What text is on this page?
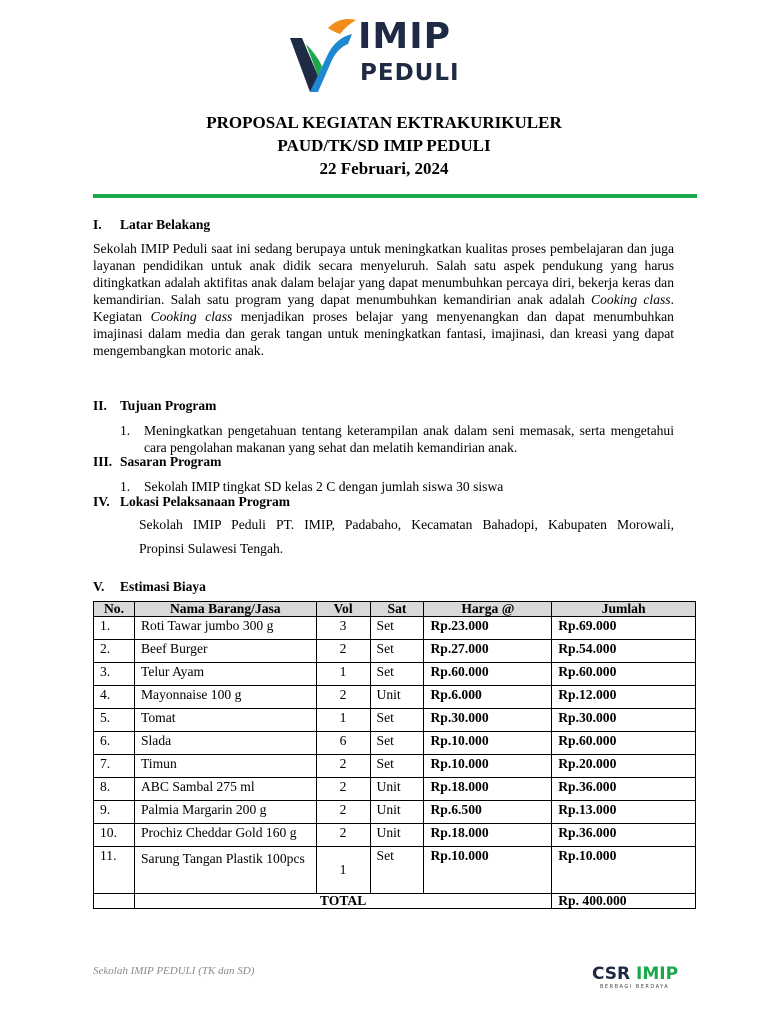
IMIP
PEDULI
PROPOSAL KEGIATAN EKTRAKURIKULER
PAUD/TK/SD IMIP PEDULI
22 Februari, 2024
I. Latar Belakang
Sekolah IMIP Peduli saat ini sedang berupaya untuk meningkatkan kualitas proses pembelajaran dan juga layanan pendidikan untuk anak didik secara menyeluruh. Salah satu aspek pendukung yang harus ditingkatkan adalah aktifitas anak dalam belajar yang dapat menumbuhkan percaya diri, bekerja keras dan kemandirian. Salah satu program yang dapat menumbuhkan kemandirian anak adalah Cooking class. Kegiatan Cooking class menjadikan proses belajar yang menyenangkan dan dapat menumbuhkan imajinasi dalam media dan gerak tangan untuk meningkatkan fantasi, imajinasi, dan kreasi yang dapat mengembangkan motoric anak.
II. Tujuan Program
1. Meningkatkan pengetahuan tentang keterampilan anak dalam seni memasak, serta mengetahui cara pengolahan makanan yang sehat dan melatih kemandirian anak.
III. Sasaran Program
1. Sekolah IMIP tingkat SD kelas 2 C dengan jumlah siswa 30 siswa
IV. Lokasi Pelaksanaan Program
Sekolah IMIP Peduli PT. IMIP, Padabaho, Kecamatan Bahadopi, Kabupaten Morowali,
Propinsi Sulawesi Tengah.
V. Estimasi Biaya
No.	Nama Barang/Jasa	Vol	Sat	Harga @	Jumlah
1.	Roti Tawar jumbo 300 g	3	Set	Rp.23.000	Rp.69.000
2.	Beef Burger	2	Set	Rp.27.000	Rp.54.000
3.	Telur Ayam	1	Set	Rp.60.000	Rp.60.000
4.	Mayonnaise 100 g	2	Unit	Rp.6.000	Rp.12.000
5.	Tomat	1	Set	Rp.30.000	Rp.30.000
6.	Slada	6	Set	Rp.10.000	Rp.60.000
7.	Timun	2	Set	Rp.10.000	Rp.20.000
8.	ABC Sambal 275 ml	2	Unit	Rp.18.000	Rp.36.000
9.	Palmia Margarin 200 g	2	Unit	Rp.6.500	Rp.13.000
10.	Prochiz Cheddar Gold 160 g	2	Unit	Rp.18.000	Rp.36.000
11.	Sarung Tangan Plastik 100pcs	1	Set	Rp.10.000	Rp.10.000
	TOTAL				Rp. 400.000
Sekolah IMIP PEDULI (TK dan SD)	CSR IMIP
BERBAGI BERDAYA
